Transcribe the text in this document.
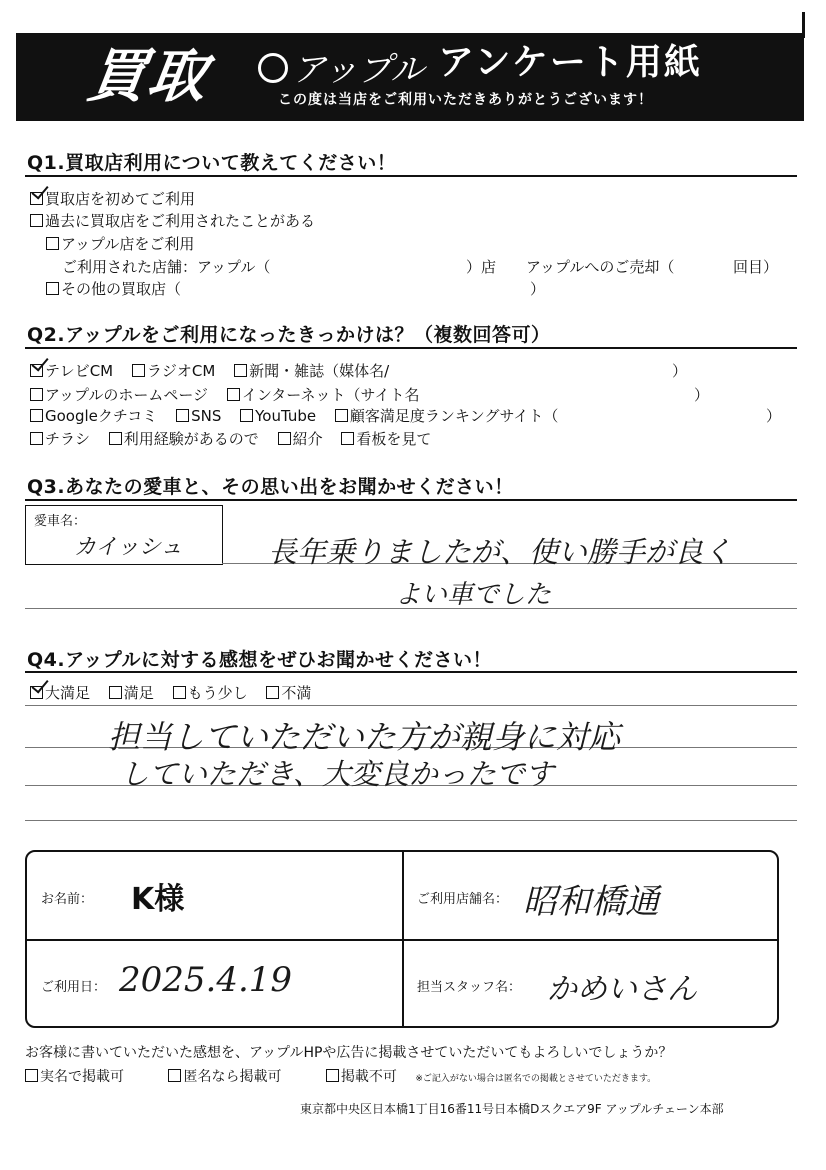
買取	アップル アンケート用紙
この度は当店をご利用いただきありがとうございます！
Q1.買取店利用について教えてください！
買取店を初めてご利用
過去に買取店をご利用されたことがある
アップル店をご利用
ご利用された店舗：アップル（	）店 アップルへのご売却（	回目）
その他の買取店（	）
Q2.アップルをご利用になったきっかけは？（複数回答可）
テレビCM ラジオCM 新聞・雑誌（媒体名/	）
アップルのホームページ インターネット（サイト名	）
Googleクチコミ SNS YouTube 顧客満足度ランキングサイト（	）
チラシ 利用経験があるので 紹介 看板を見て
Q3.あなたの愛車と、その思い出をお聞かせください！
愛車名：
カイッシュ	長年乗りましたが、使い勝手が良く
よい車でした
Q4.アップルに対する感想をぜひお聞かせください！
大満足 満足 もう少し 不満
担当していただいた方が親身に対応
していただき、大変良かったです
お名前： K様	ご利用店舗名： 昭和橋通
ご利用日： 2025.4.19	担当スタッフ名： かめいさん
お客様に書いていただいた感想を、アップルHPや広告に掲載させていただいてもよろしいでしょうか？
実名で掲載可	匿名なら掲載可	掲載不可 ※ご記入がない場合は匿名での掲載とさせていただきます。
東京都中央区日本橋1丁目16番11号日本橋Dスクエア9F アップルチェーン本部
